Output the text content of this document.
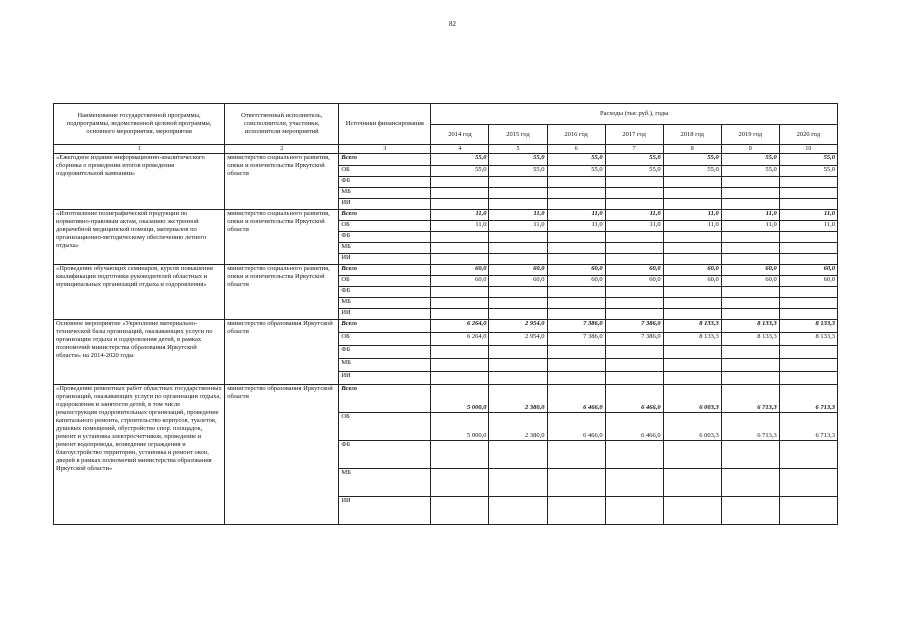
82
Наименование государственной программы, подпрограммы, ведомственной целевой программы, основного мероприятия, мероприятия	Ответственный исполнитель, соисполнители, участники, исполнители мероприятий	Источники финансирования	Расходы (тыс.руб.), годы						
			2014 год	2015 год	2016 год	2017 год	2018 год	2019 год	2020 год
1	2	3	4	5	6	7	8	9	10
«Ежегодное издание информационно-аналитического сборника о проведении итогов проведения оздоровительной кампании»	министерство социального развития, опеки и попечительства Иркутской области	Всего	55,0	55,0	55,0	55,0	55,0	55,0	55,0
		ОБ	55,0	55,0	55,0	55,0	55,0	55,0	55,0
		ФБ							
		МБ							
		ИИ							
«Изготовление полиграфической продукции по нормативно-правовым актам, оказанию экстренной доврачебной медицинской помощи, материалов по организационно-методическому обеспечению летнего отдыха»	министерство социального развития, опеки и попечительства Иркутской области	Всего	11,0	11,0	11,0	11,0	11,0	11,0	11,0
		ОБ	11,0	11,0	11,0	11,0	11,0	11,0	11,0
		ФБ							
		МБ							
		ИИ							
«Проведение обучающих семинаров, курсов повышения квалификации подготовки руководителей областных и муниципальных организаций отдыха и оздоровления»	министерство социального развития, опеки и попечительства Иркутской области	Всего	60,0	60,0	60,0	60,0	60,0	60,0	60,0
		ОБ	60,0	60,0	60,0	60,0	60,0	60,0	60,0
		ФБ							
		МБ							
		ИИ							
Основное мероприятие «Укрепление материально-технической базы организаций, оказывающих услуги по организации отдыха и оздоровления детей, в рамках полномочий министерства образования Иркутской области» на 2014-2020 годы	министерство образования Иркутской области	Всего	6 264,0	2 954,0	7 386,0	7 386,0	8 133,3	8 133,3	8 133,3
		ОБ	6 264,0	2 954,0	7 386,0	7 386,0	8 133,3	8 133,3	8 133,3
		ФБ							
		МБ							
		ИИ							
«Проведение ремонтных работ областных государственных организаций, оказывающих услуги по организации отдыха, оздоровления и занятости детей, в том числе реконструкция оздоровительных организаций, проведение капитального ремонта, строительство корпусов, туалетов, душевых помещений, обустройство спор. площадок, ремонт и установка электросчетчиков, проведение и ремонт водопровода, возведение ограждения и благоустройство территории, установка и ремонт окон, дверей в рамках полномочий министерства образования Иркутской области»	министерство образования Иркутской области	Всего	5 000,0	2 380,0	6 466,0	6 466,0	6 003,3	6 713,3	6 713,3
		ОБ	5 000,0	2 380,0	6 466,0	6 466,0	6 003,3	6 713,3	6 713,3
		ФБ							
		МБ							
		ИИ							
